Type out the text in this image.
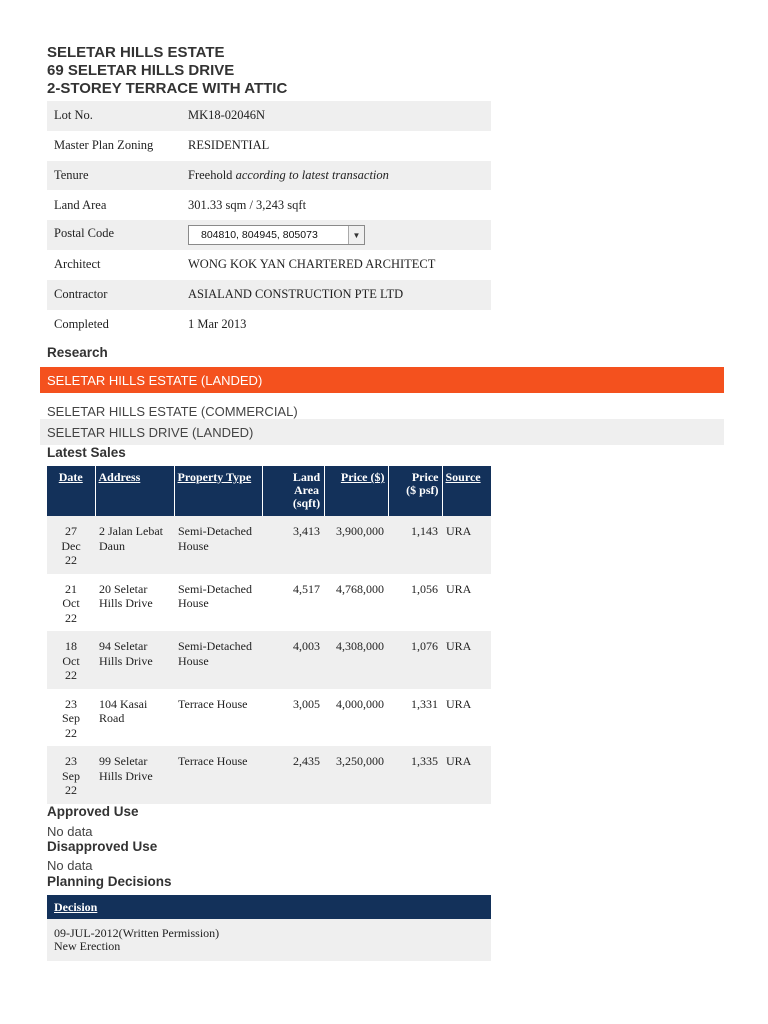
SELETAR HILLS ESTATE
69 SELETAR HILLS DRIVE
2-STOREY TERRACE WITH ATTIC
Lot No.	MK18-02046N
Master Plan Zoning	RESIDENTIAL
Tenure	Freehold according to latest transaction
Land Area	301.33 sqm / 3,243 sqft
Postal Code	804810, 804945, 805073 ▼

Architect	WONG KOK YAN CHARTERED ARCHITECT
Contractor	ASIALAND CONSTRUCTION PTE LTD
Completed	1 Mar 2013
Research
SELETAR HILLS ESTATE (LANDED)
SELETAR HILLS ESTATE (COMMERCIAL)
SELETAR HILLS DRIVE (LANDED)
Latest Sales
Date	Address	Property Type	Land Area (sqft)	Price ($)	Price ($ psf)	Source

27
Dec
22	2 Jalan Lebat Daun	Semi-Detached House	3,413	3,900,000	1,143	URA

21
Oct
22	20 Seletar Hills Drive	Semi-Detached House	4,517	4,768,000	1,056	URA

18
Oct
22	94 Seletar Hills Drive	Semi-Detached House	4,003	4,308,000	1,076	URA

23
Sep
22	104 Kasai Road	Terrace House	3,005	4,000,000	1,331	URA

23
Sep
22	99 Seletar Hills Drive	Terrace House	2,435	3,250,000	1,335	URA
Approved Use
No data
Disapproved Use
No data
Planning Decisions
Decision

09-JUL-2012(Written Permission)
New Erection
